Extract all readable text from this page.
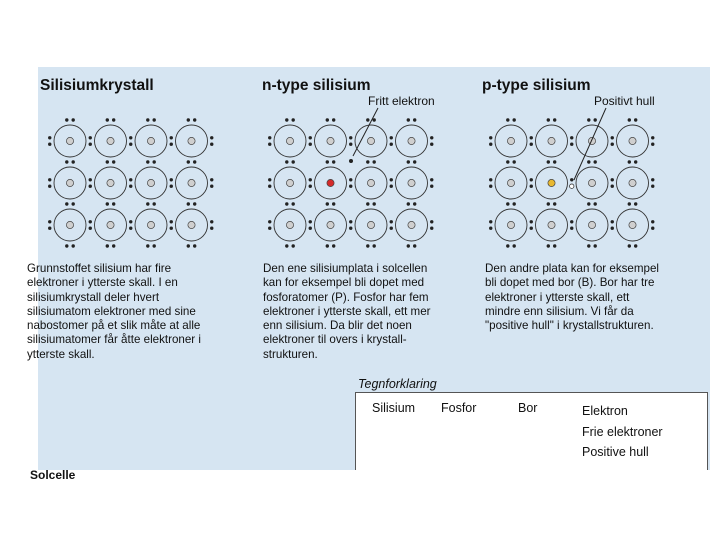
Silisiumkrystall	n-type silisium	p-type silisium
Fritt elektron	Positivt hull

Grunnstoffet silisium har fire
elektroner i ytterste skall. I en
silisiumkrystall deler hvert
silisiumatom elektroner med sine
nabostomer på et slik måte at alle
silisiumatomer får åtte elektroner i
ytterste skall.

Den ene silisiumplata i solcellen
kan for eksempel bli dopet med
fosforatomer (P). Fosfor har fem
elektroner i ytterste skall, ett mer
enn silisium. Da blir det noen
elektroner til overs i krystall-
strukturen.

Den andre plata kan for eksempel
bli dopet med bor (B). Bor har tre
elektroner i ytterste skall, ett
mindre enn silisium. Vi får da
"positive hull" i krystallstrukturen.

Tegnforklaring
Silisium Fosfor	Bor	Elektron
Frie elektroner
Positive hull
Solcelle
